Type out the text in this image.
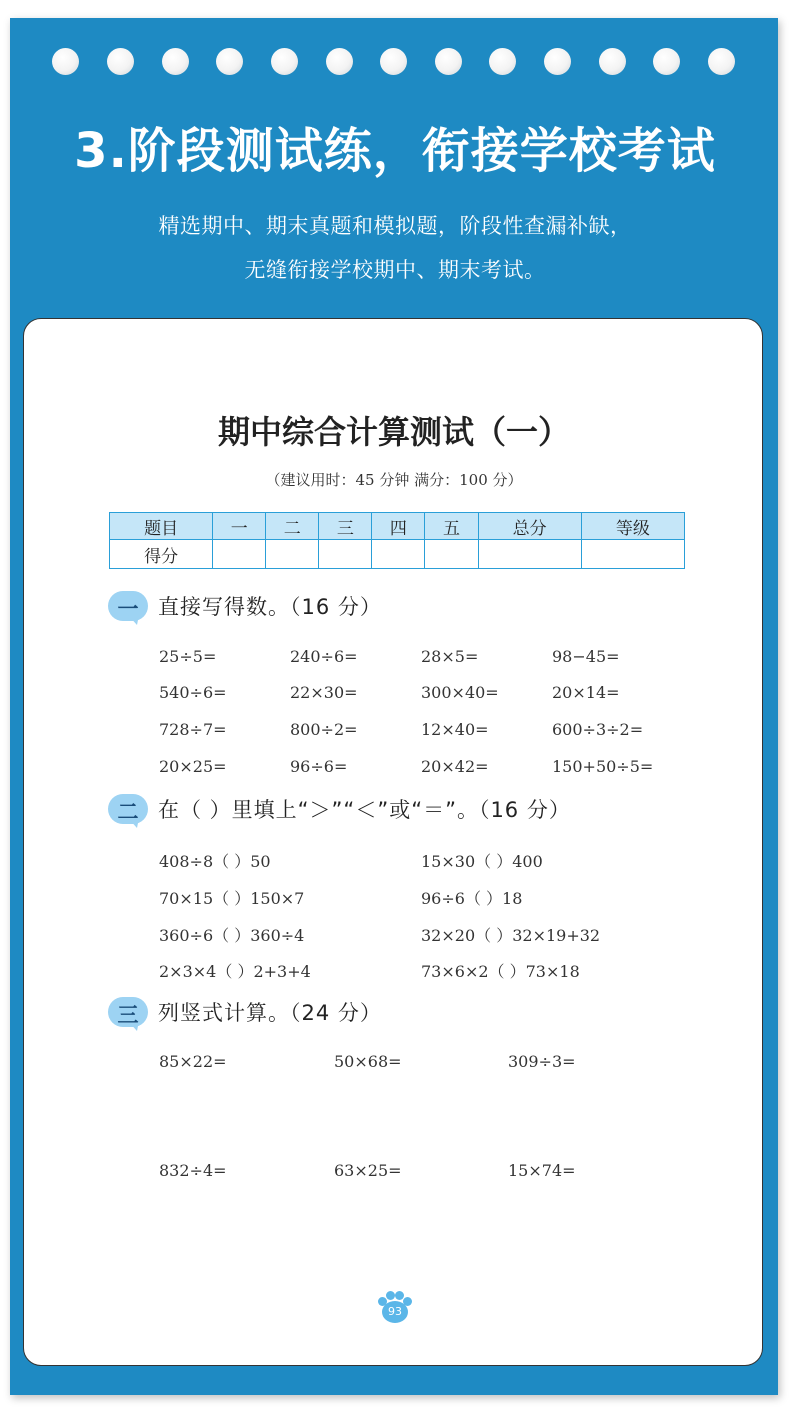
3.阶段测试练，衔接学校考试
精选期中、期末真题和模拟题，阶段性查漏补缺，
无缝衔接学校期中、期末考试。
期中综合计算测试（一）
（建议用时：45 分钟 满分：100 分）
题目	一	二	三	四	五	总分	等级
得分							
一 直接写得数。（16 分）
25÷5=	240÷6=	28×5=	98−45=
540÷6=	22×30=	300×40=	20×14=
728÷7=	800÷2=	12×40=	600÷3÷2=
20×25=	96÷6=	20×42=	150+50÷5=
二 在（ ）里填上“＞”“＜”或“＝”。（16 分）
408÷8（ ）50	15×30（ ）400
70×15（ ）150×7	96÷6（ ）18
360÷6（ ）360÷4	32×20（ ）32×19+32
2×3×4（ ）2+3+4	73×6×2（ ）73×18
三 列竖式计算。（24 分）
85×22=	50×68=	309÷3=
832÷4=	63×25=	15×74=
93
